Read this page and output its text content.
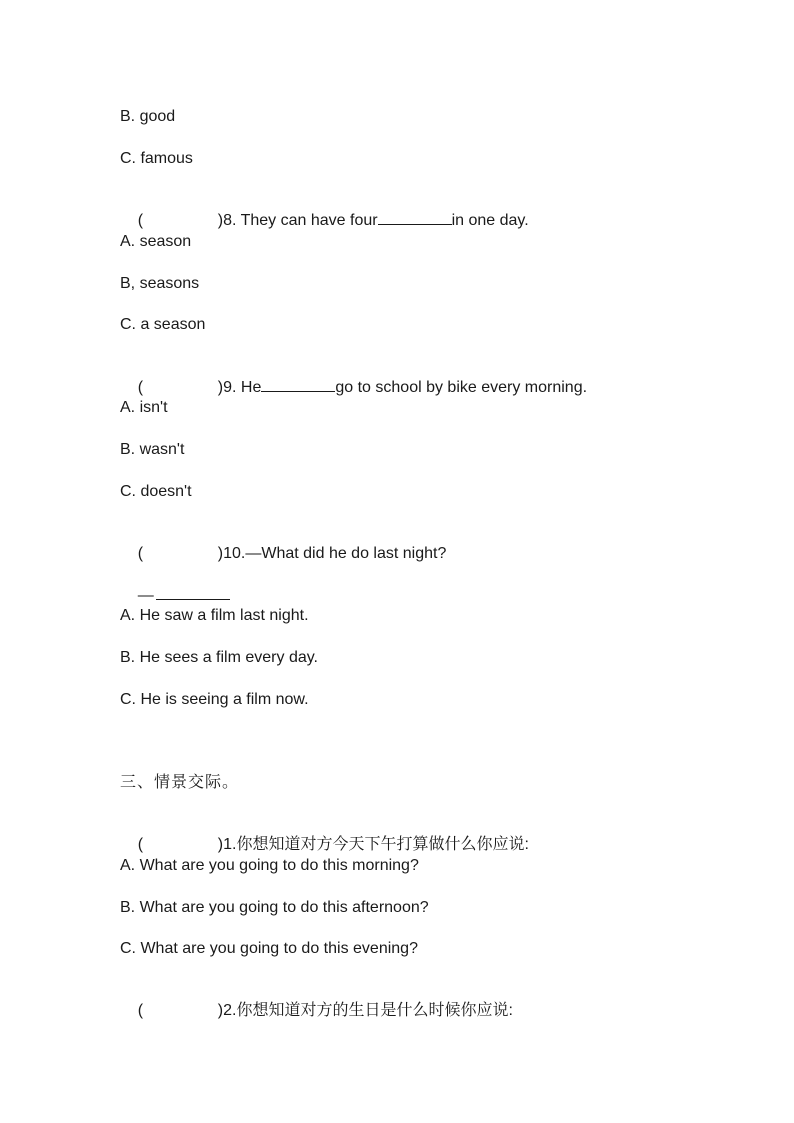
B. good
C. famous

(	)8. They can have four	in one day.

A. season
B, seasons
C. a season

(	)9. He	go to school by bike every morning.

A. isn't
B. wasn't
C. doesn't

(	)10.—What did he do last night?

—

A. He saw a film last night.
B. He sees a film every day.
C. He is seeing a film now.
三、情景交际。

(	)1.你想知道对方今天下午打算做什么你应说:

A. What are you going to do this morning?
B. What are you going to do this afternoon?
C. What are you going to do this evening?

(	)2.你想知道对方的生日是什么时候你应说:
